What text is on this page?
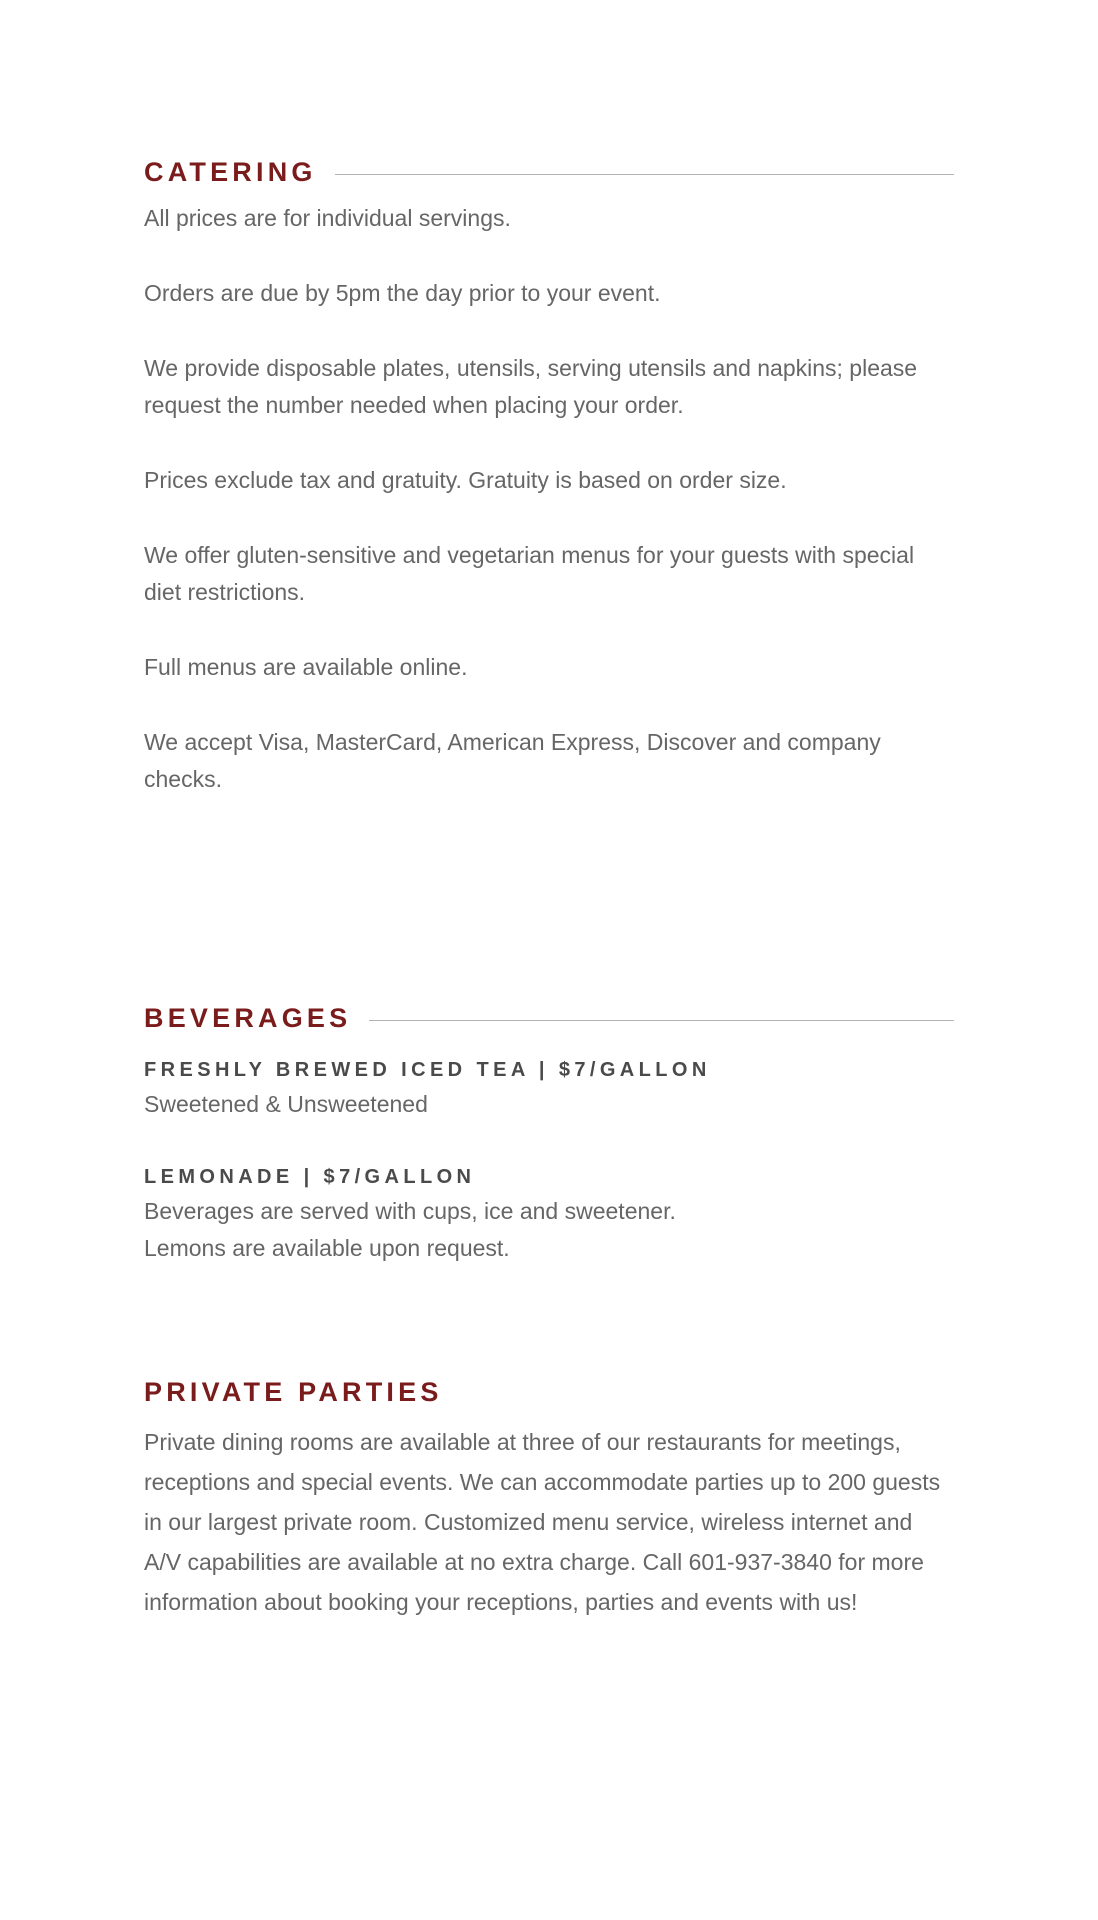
CATERING

All prices are for individual servings.

Orders are due by 5pm the day prior to your event.

We provide disposable plates, utensils, serving utensils and napkins; please request the number needed when placing your order.

Prices exclude tax and gratuity. Gratuity is based on order size.

We offer gluten-sensitive and vegetarian menus for your guests with special diet restrictions.

Full menus are available online.

We accept Visa, MasterCard, American Express, Discover and company checks.

BEVERAGES
FRESHLY BREWED ICED TEA | $7/GALLON

Sweetened & Unsweetened

LEMONADE | $7/GALLON

Beverages are served with cups, ice and sweetener.

Lemons are available upon request.

PRIVATE PARTIES

Private dining rooms are available at three of our restaurants for meetings, receptions and special events. We can accommodate parties up to 200 guests in our largest private room. Customized menu service, wireless internet and A/V capabilities are available at no extra charge. Call 601-937-3840 for more information about booking your receptions, parties and events with us!
